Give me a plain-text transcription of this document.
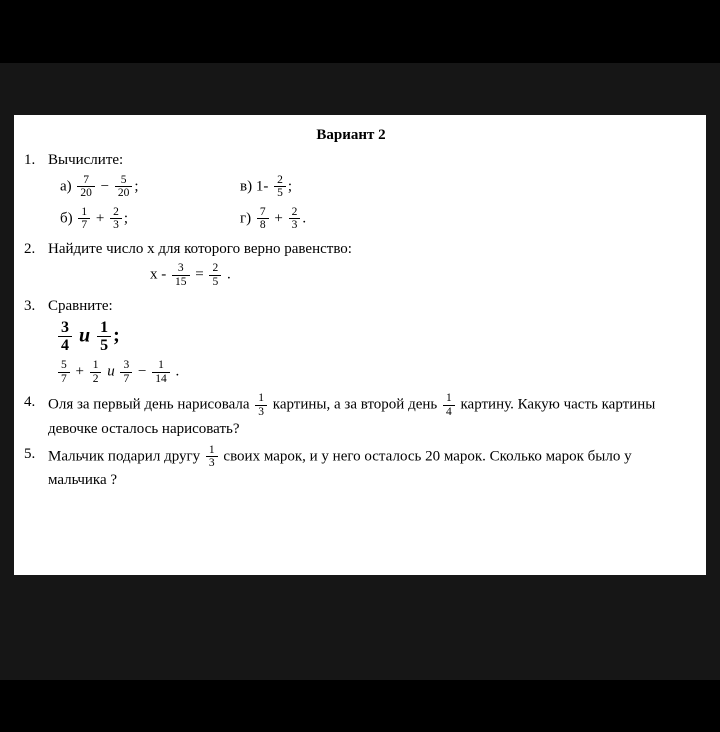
Вариант 2
1. Вычислите:
$а) \frac{7}{20} - \frac{5}{20}$ ;	в) $1- \frac{2}{5}$ ;
$б) \frac{1}{7} + \frac{2}{3}$ ;	$г) \frac{7}{8} + \frac{2}{3}$ .
2. Найдите число x для которого верно равенство:
$x - \frac{3}{15} = \frac{2}{5}$ .
3. Сравните:
$\frac{3}{4}$ и $\frac{1}{5}$ ;
$\frac{5}{7} + \frac{1}{2}$ и $\frac{3}{7} - \frac{1}{14}$ .
4. Оля за первый день нарисовала $\frac{1}{3}$ картины, а за второй день $\frac{1}{4}$ картину. Какую часть картины девочке осталось нарисовать?
5. Мальчик подарил другу $\frac{1}{3}$ своих марок, и у него осталось 20 марок. Сколько марок было у мальчика ?
